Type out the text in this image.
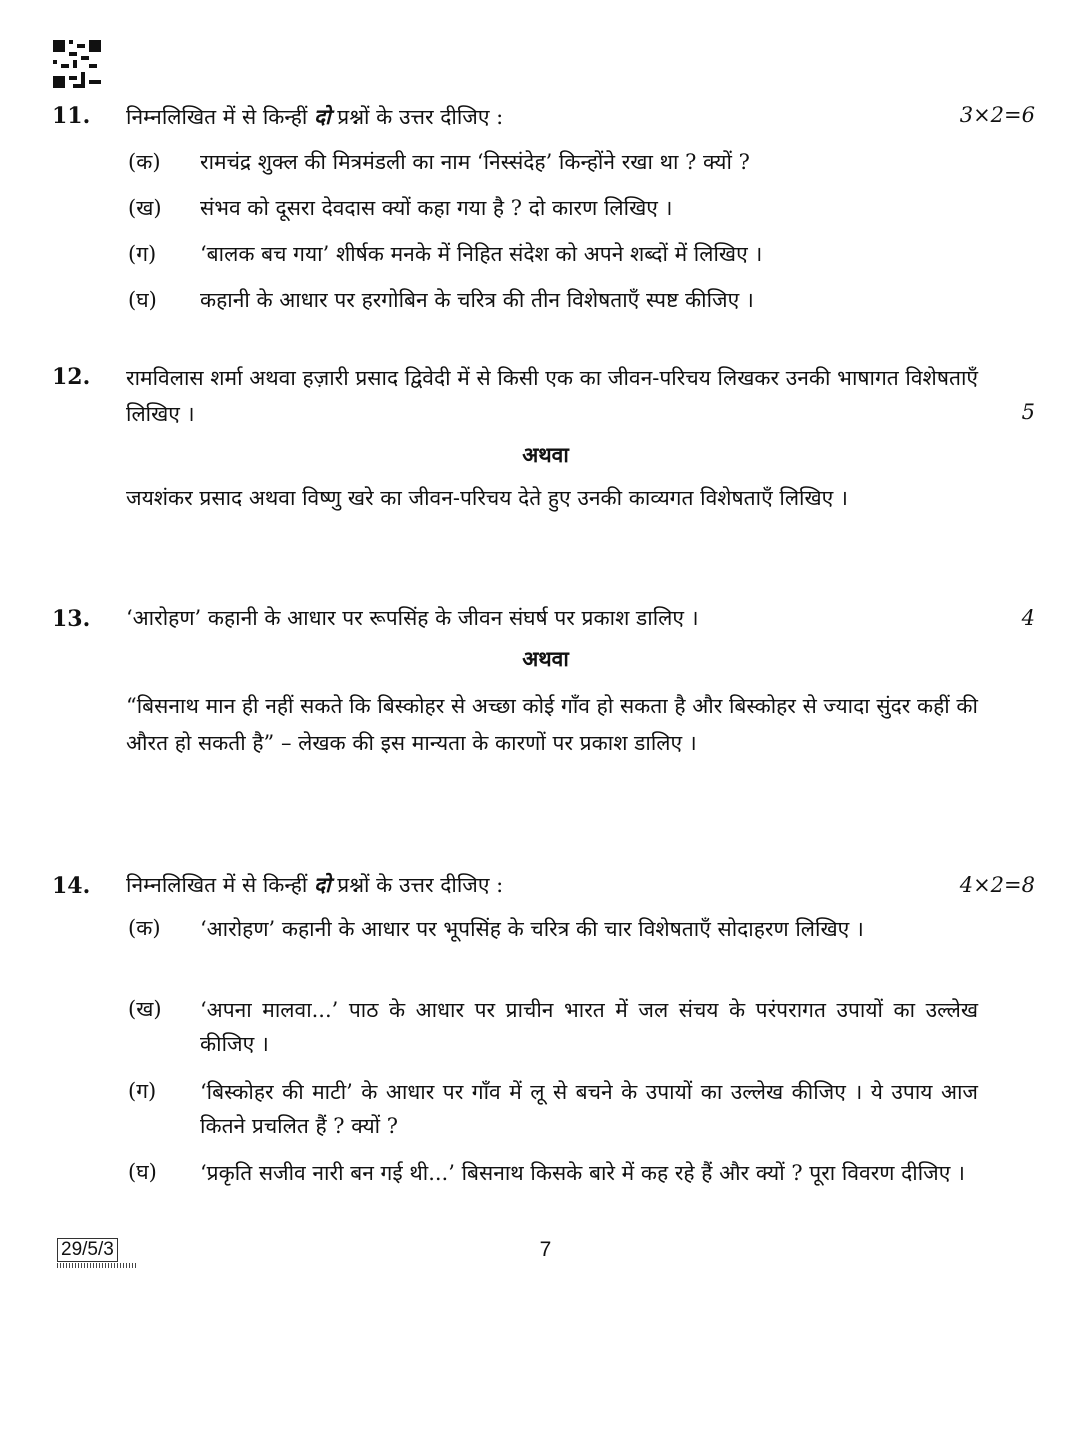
11. निम्नलिखित में से किन्हीं दो प्रश्नों के उत्तर दीजिए :	3×2=6
(क) रामचंद्र शुक्ल की मित्रमंडली का नाम ‘निस्संदेह’ किन्होंने रखा था ? क्यों ?
(ख) संभव को दूसरा देवदास क्यों कहा गया है ? दो कारण लिखिए ।
(ग) ‘बालक बच गया’ शीर्षक मनके में निहित संदेश को अपने शब्दों में लिखिए ।
(घ) कहानी के आधार पर हरगोबिन के चरित्र की तीन विशेषताएँ स्पष्ट कीजिए ।
12. रामविलास शर्मा अथवा हज़ारी प्रसाद द्विवेदी में से किसी एक का जीवन-परिचय लिखकर उनकी भाषागत विशेषताएँ लिखिए ।	5
अथवा
जयशंकर प्रसाद अथवा विष्णु खरे का जीवन-परिचय देते हुए उनकी काव्यगत विशेषताएँ लिखिए ।
13. ‘आरोहण’ कहानी के आधार पर रूपसिंह के जीवन संघर्ष पर प्रकाश डालिए ।	4
अथवा
“बिसनाथ मान ही नहीं सकते कि बिस्कोहर से अच्छा कोई गाँव हो सकता है और बिस्कोहर से ज्यादा सुंदर कहीं की औरत हो सकती है” – लेखक की इस मान्यता के कारणों पर प्रकाश डालिए ।
14. निम्नलिखित में से किन्हीं दो प्रश्नों के उत्तर दीजिए :	4×2=8
(क) ‘आरोहण’ कहानी के आधार पर भूपसिंह के चरित्र की चार विशेषताएँ सोदाहरण लिखिए ।
(ख) ‘अपना मालवा...’ पाठ के आधार पर प्राचीन भारत में जल संचय के परंपरागत उपायों का उल्लेख कीजिए ।
(ग) ‘बिस्कोहर की माटी’ के आधार पर गाँव में लू से बचने के उपायों का उल्लेख कीजिए । ये उपाय आज कितने प्रचलित हैं ? क्यों ?
(घ) ‘प्रकृति सजीव नारी बन गई थी...’ बिसनाथ किसके बारे में कह रहे हैं और क्यों ? पूरा विवरण दीजिए ।
29/5/3	7
